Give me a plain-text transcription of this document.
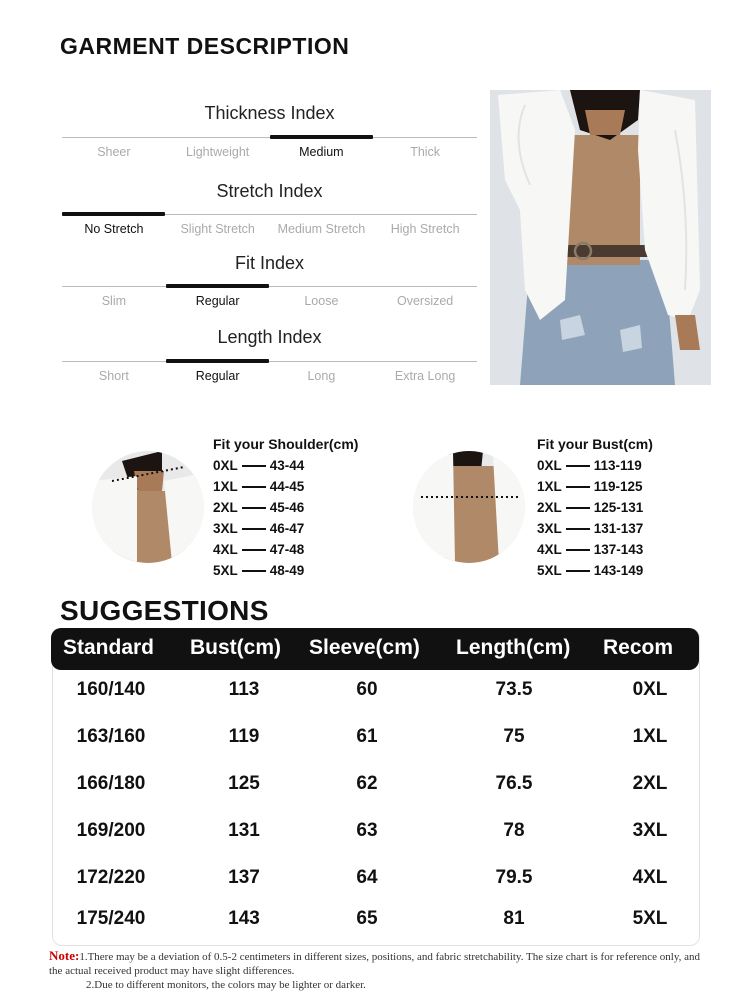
GARMENT DESCRIPTION
Thickness Index
Sheer	Lightweight	Medium	Thick
Stretch Index
No Stretch	Slight Stretch	Medium Stretch	High Stretch
Fit Index
Slim	Regular	Loose	Oversized
Length Index
Short	Regular	Long	Extra Long
Fit your Shoulder(cm)
0XL 43-44
1XL 44-45
2XL 45-46
3XL 46-47
4XL 47-48
5XL 48-49
Fit your Bust(cm)
0XL 113-119
1XL 119-125
2XL 125-131
3XL 131-137
4XL 137-143
5XL 143-149
SUGGESTIONS
Standard Bust(cm) Sleeve(cm) Length(cm) Recom
160/140	113	60	73.5	0XL
163/160	119	61	75	1XL
166/180	125	62	76.5	2XL
169/200	131	63	78	3XL
172/220	137	64	79.5	4XL
175/240	143	65	81	5XL
Note:1.There may be a deviation of 0.5-2 centimeters in different sizes, positions, and fabric stretchability. The size chart is for reference only, and the actual received product may have slight differences.
2.Due to different monitors, the colors may be lighter or darker.
